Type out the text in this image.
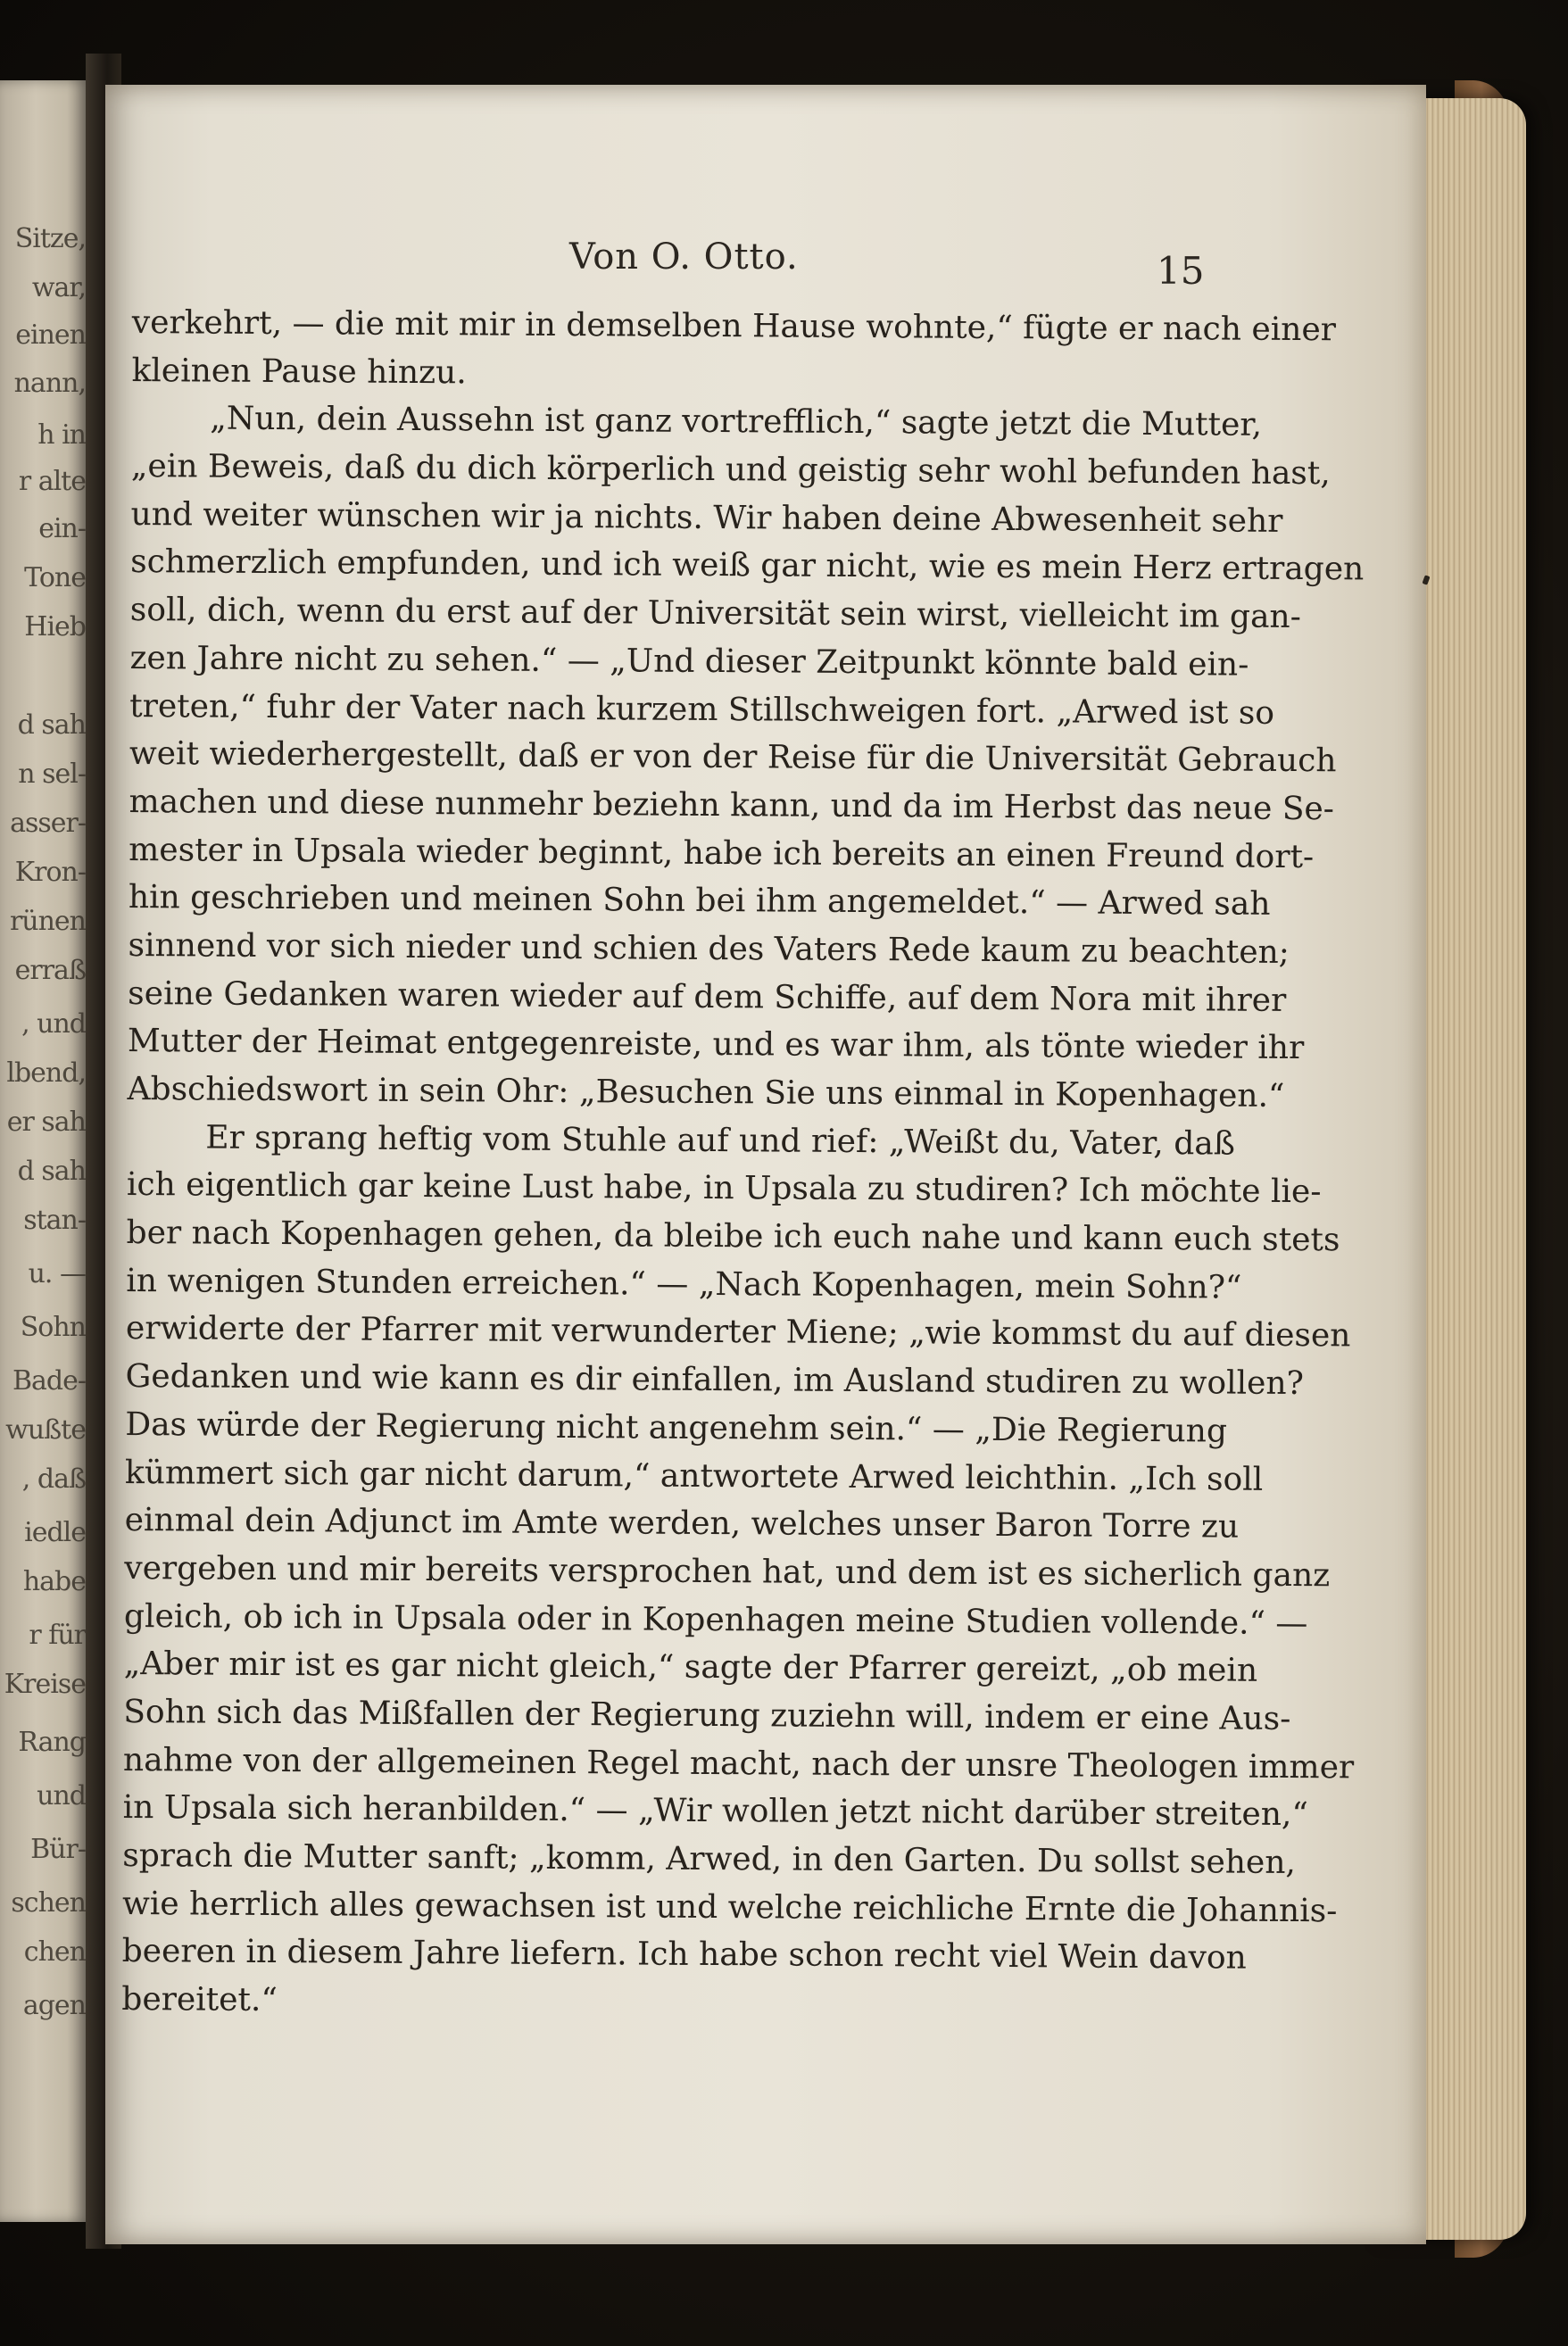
Sitze,
war,
einen
nann,
h in
r alte
ein-
Tone
Hieb
d sah
n sel-
asser-
Kron-
rünen
erraß
, und
lbend,
er sah
d sah
stan-
u. —
Sohn
Bade-
wußte
, daß
iedle
habe
r für
Kreise
Rang
und
Bür-
schen
chen
agen
Von O. Otto.	15
verkehrt, — die mit mir in demselben Hause wohnte,“ fügte er nach einer
kleinen Pause hinzu.
„Nun, dein Aussehn ist ganz vortrefflich,“ sagte jetzt die Mutter,
„ein Beweis, daß du dich körperlich und geistig sehr wohl befunden hast,
und weiter wünschen wir ja nichts. Wir haben deine Abwesenheit sehr
schmerzlich empfunden, und ich weiß gar nicht, wie es mein Herz ertragen
soll, dich, wenn du erst auf der Universität sein wirst, vielleicht im gan-
zen Jahre nicht zu sehen.“ — „Und dieser Zeitpunkt könnte bald ein-
treten,“ fuhr der Vater nach kurzem Stillschweigen fort. „Arwed ist so
weit wiederhergestellt, daß er von der Reise für die Universität Gebrauch
machen und diese nunmehr beziehn kann, und da im Herbst das neue Se-
mester in Upsala wieder beginnt, habe ich bereits an einen Freund dort-
hin geschrieben und meinen Sohn bei ihm angemeldet.“ — Arwed sah
sinnend vor sich nieder und schien des Vaters Rede kaum zu beachten;
seine Gedanken waren wieder auf dem Schiffe, auf dem Nora mit ihrer
Mutter der Heimat entgegenreiste, und es war ihm, als tönte wieder ihr
Abschiedswort in sein Ohr: „Besuchen Sie uns einmal in Kopenhagen.“
Er sprang heftig vom Stuhle auf und rief: „Weißt du, Vater, daß
ich eigentlich gar keine Lust habe, in Upsala zu studiren? Ich möchte lie-
ber nach Kopenhagen gehen, da bleibe ich euch nahe und kann euch stets
in wenigen Stunden erreichen.“ — „Nach Kopenhagen, mein Sohn?“
erwiderte der Pfarrer mit verwunderter Miene; „wie kommst du auf diesen
Gedanken und wie kann es dir einfallen, im Ausland studiren zu wollen?
Das würde der Regierung nicht angenehm sein.“ — „Die Regierung
kümmert sich gar nicht darum,“ antwortete Arwed leichthin. „Ich soll
einmal dein Adjunct im Amte werden, welches unser Baron Torre zu
vergeben und mir bereits versprochen hat, und dem ist es sicherlich ganz
gleich, ob ich in Upsala oder in Kopenhagen meine Studien vollende.“ —
„Aber mir ist es gar nicht gleich,“ sagte der Pfarrer gereizt, „ob mein
Sohn sich das Mißfallen der Regierung zuziehn will, indem er eine Aus-
nahme von der allgemeinen Regel macht, nach der unsre Theologen immer
in Upsala sich heranbilden.“ — „Wir wollen jetzt nicht darüber streiten,“
sprach die Mutter sanft; „komm, Arwed, in den Garten. Du sollst sehen,
wie herrlich alles gewachsen ist und welche reichliche Ernte die Johannis-
beeren in diesem Jahre liefern. Ich habe schon recht viel Wein davon
bereitet.“
